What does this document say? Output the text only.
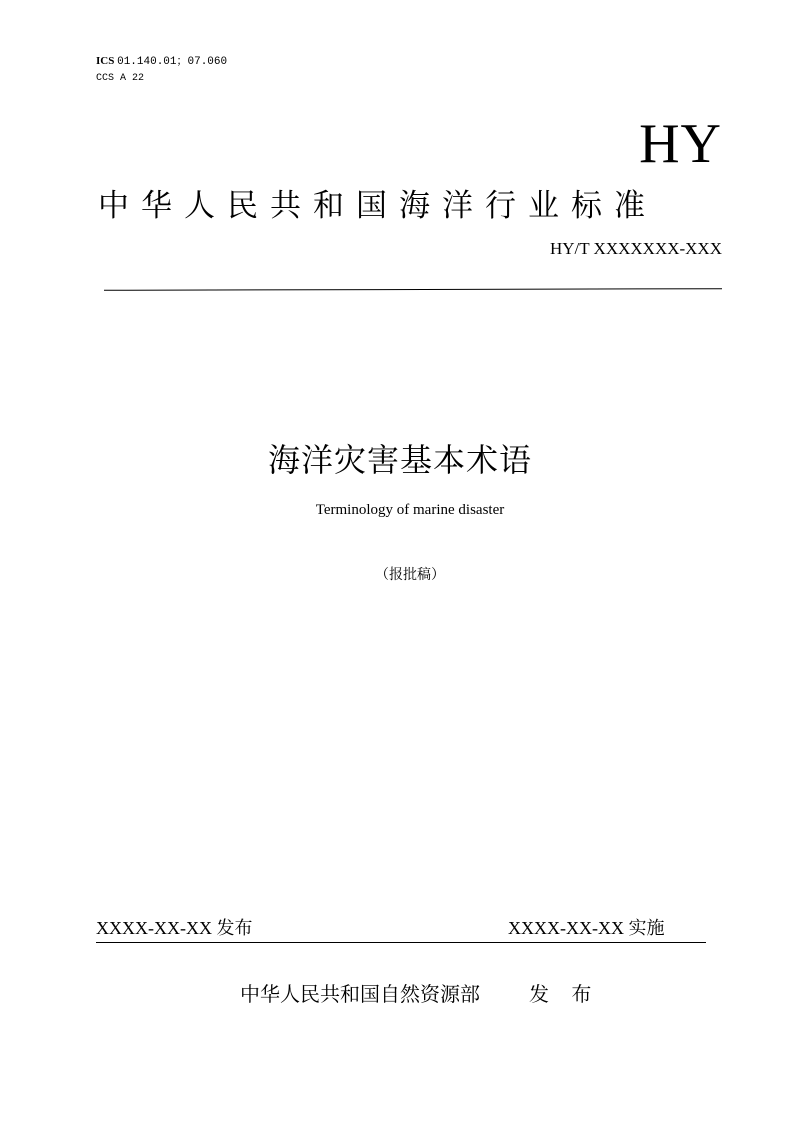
ICS 01.140.01；07.060
CCS A 22
HY
中华人民共和国海洋行业标准
HY/T XXXXXXX-XXX
海洋灾害基本术语
Terminology of marine disaster
（报批稿）
XXXX-XX-XX 发布	XXXX-XX-XX 实施
中华人民共和国自然资源部 发 布
